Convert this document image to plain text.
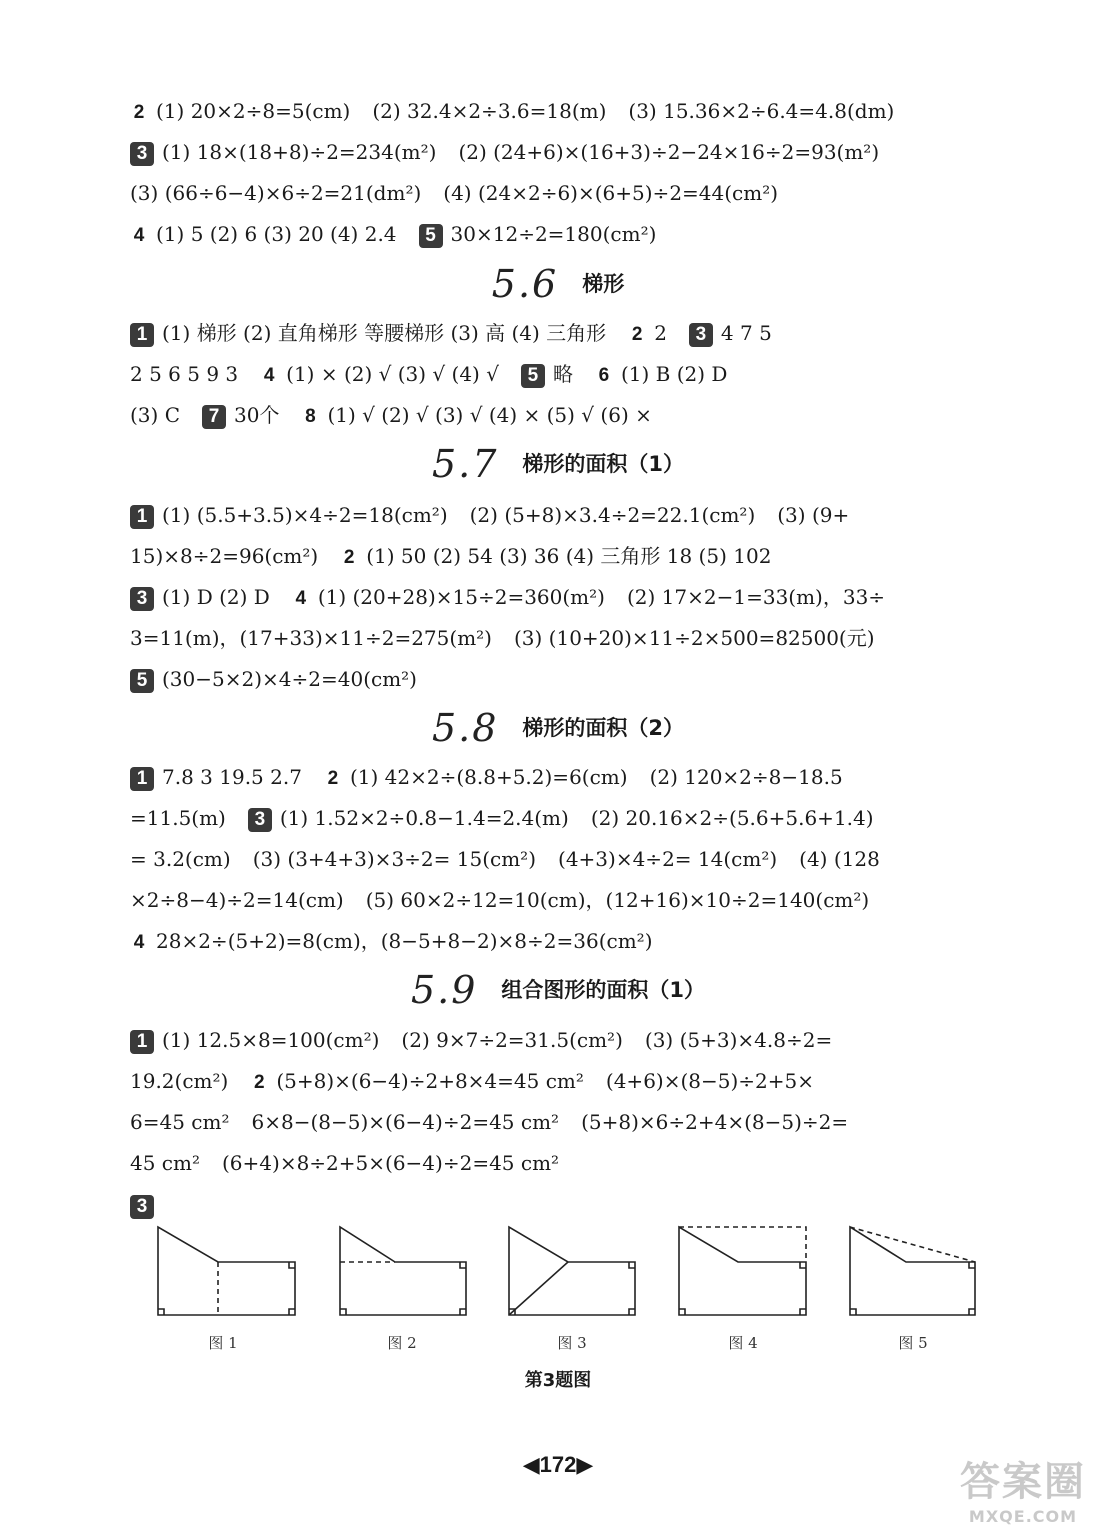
2 (1) 20×2÷8=5(cm) (2) 32.4×2÷3.6=18(m) (3) 15.36×2÷6.4=4.8(dm)
3 (1) 18×(18+8)÷2=234(m²) (2) (24+6)×(16+3)÷2−24×16÷2=93(m²)
(3) (66÷6−4)×6÷2=21(dm²) (4) (24×2÷6)×(6+5)÷2=44(cm²)
4 (1) 5 (2) 6 (3) 20 (4) 2.4 5 30×12÷2=180(cm²)
1 (1) 梯形 (2) 直角梯形 等腰梯形 (3) 高 (4) 三角形 2 2 3 4 7 5
2 5 6 5 9 3 4 (1) × (2) √ (3) √ (4) √ 5 略 6 (1) B (2) D
(3) C 7 30个 8 (1) √ (2) √ (3) √ (4) × (5) √ (6) ×
1 (1) (5.5+3.5)×4÷2=18(cm²) (2) (5+8)×3.4÷2=22.1(cm²) (3) (9+
15)×8÷2=96(cm²) 2 (1) 50 (2) 54 (3) 36 (4) 三角形 18 (5) 102
3 (1) D (2) D 4 (1) (20+28)×15÷2=360(m²) (2) 17×2−1=33(m)，33÷
3=11(m)，(17+33)×11÷2=275(m²) (3) (10+20)×11÷2×500=82500(元)
5 (30−5×2)×4÷2=40(cm²)
1 7.8 3 19.5 2.7 2 (1) 42×2÷(8.8+5.2)=6(cm) (2) 120×2÷8−18.5
=11.5(m) 3 (1) 1.52×2÷0.8−1.4=2.4(m) (2) 20.16×2÷(5.6+5.6+1.4)
= 3.2(cm) (3) (3+4+3)×3÷2= 15(cm²) (4+3)×4÷2= 14(cm²) (4) (128
×2÷8−4)÷2=14(cm) (5) 60×2÷12=10(cm)，(12+16)×10÷2=140(cm²)
4 28×2÷(5+2)=8(cm)，(8−5+8−2)×8÷2=36(cm²)
1 (1) 12.5×8=100(cm²) (2) 9×7÷2=31.5(cm²) (3) (5+3)×4.8÷2=
19.2(cm²) 2 (5+8)×(6−4)÷2+8×4=45 cm² (4+6)×(8−5)÷2+5×
6=45 cm² 6×8−(8−5)×(6−4)÷2=45 cm² (5+8)×6÷2+4×(8−5)÷2=
45 cm² (6+4)×8÷2+5×(6−4)÷2=45 cm²
3
5.6 梯形
5.7 梯形的面积（1）
5.8 梯形的面积（2）
5.9 组合图形的面积（1）
图 1	图 2	图 3	图 4	图 5
第3题图
◀172▶	答案圈
MXQE.COM
